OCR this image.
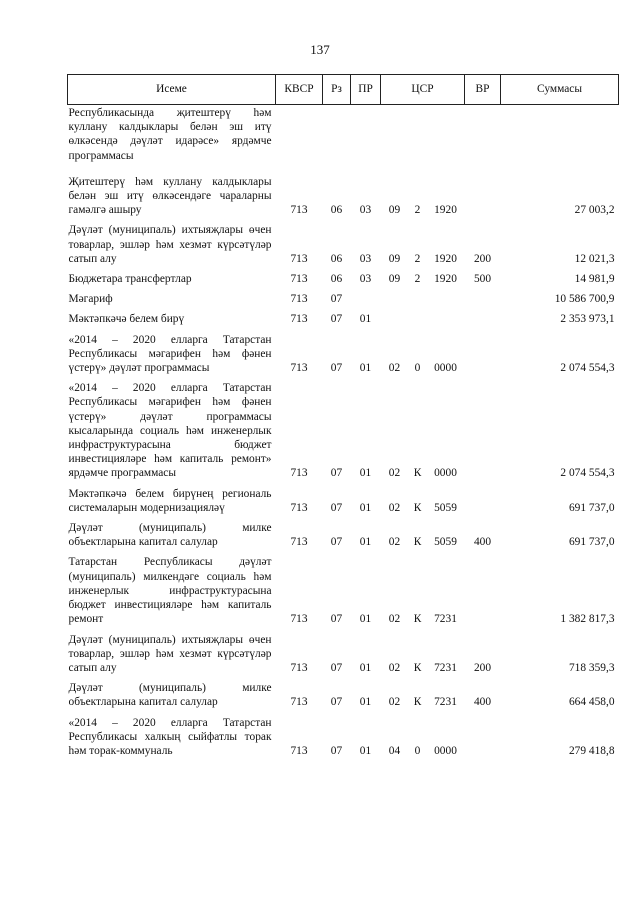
137
Исеме	КВСР	Рз	ПР	ЦСР			ВР	Суммасы
Республикасында җитештерү һәм куллану калдыклары белән эш итү өлкәсендә дәүләт идарәсе» ярдәмче программасы								
Җитештерү һәм куллану калдыклары белән эш итү өлкәсендәге чараларны гамәлгә ашыру	713	06	03	09	2	1920		27 003,2
Дәүләт (муниципаль) ихтыяҗлары өчен товарлар, эшләр һәм хезмәт күрсәтүләр сатып алу	713	06	03	09	2	1920	200	12 021,3
Бюджетара трансфертлар	713	06	03	09	2	1920	500	14 981,9
Мәгариф	713	07						10 586 700,9
Мәктәпкәчә белем бирү	713	07	01					2 353 973,1
«2014 – 2020 елларга Татарстан Республикасы мәгарифен һәм фәнен үстерү» дәүләт программасы	713	07	01	02	0	0000		2 074 554,3
«2014 – 2020 елларга Татарстан Республикасы мәгарифен һәм фәнен үстерү» дәүләт программасы кысаларында социаль һәм инженерлык инфраструктурасына бюджет инвестицияләре һәм капиталь ремонт» ярдәмче программасы	713	07	01	02	К	0000		2 074 554,3
Мәктәпкәчә белем бирүнең региональ системаларын модернизацияләү	713	07	01	02	К	5059		691 737,0
Дәүләт (муниципаль) милке объектларына капитал салулар	713	07	01	02	К	5059	400	691 737,0
Татарстан Республикасы дәүләт (муниципаль) милкендәге социаль һәм инженерлык инфраструктурасына бюджет инвестицияләре һәм капиталь ремонт	713	07	01	02	К	7231		1 382 817,3
Дәүләт (муниципаль) ихтыяҗлары өчен товарлар, эшләр һәм хезмәт күрсәтүләр сатып алу	713	07	01	02	К	7231	200	718 359,3
Дәүләт (муниципаль) милке объектларына капитал салулар	713	07	01	02	К	7231	400	664 458,0
«2014 – 2020 елларга Татарстан Республикасы халкың сыйфатлы торак һәм торак-коммуналь	713	07	01	04	0	0000		279 418,8
